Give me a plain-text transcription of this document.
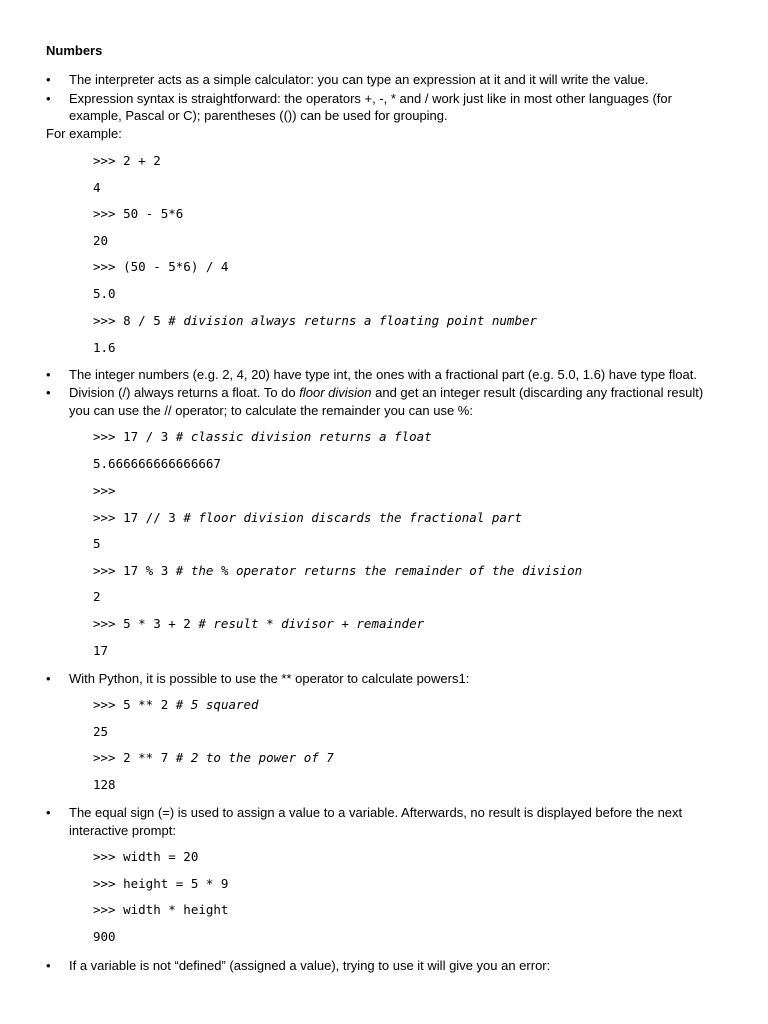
Numbers
• The interpreter acts as a simple calculator: you can type an expression at it and it will write the value.
• Expression syntax is straightforward: the operators +, -, * and / work just like in most other languages (for
example, Pascal or C); parentheses (()) can be used for grouping.
For example:
>>> 2 + 2
4
>>> 50 - 5*6
20
>>> (50 - 5*6) / 4
5.0
>>> 8 / 5 # division always returns a floating point number
1.6
• The integer numbers (e.g. 2, 4, 20) have type int, the ones with a fractional part (e.g. 5.0, 1.6) have type float.
• Division (/) always returns a float. To do floor division and get an integer result (discarding any fractional result)
you can use the // operator; to calculate the remainder you can use %:
>>> 17 / 3 # classic division returns a float
5.666666666666667
>>>
>>> 17 // 3 # floor division discards the fractional part
5
>>> 17 % 3 # the % operator returns the remainder of the division
2
>>> 5 * 3 + 2 # result * divisor + remainder
17
• With Python, it is possible to use the ** operator to calculate powers1:
>>> 5 ** 2 # 5 squared
25
>>> 2 ** 7 # 2 to the power of 7
128
• The equal sign (=) is used to assign a value to a variable. Afterwards, no result is displayed before the next
interactive prompt:
>>> width = 20
>>> height = 5 * 9
>>> width * height
900
• If a variable is not “defined” (assigned a value), trying to use it will give you an error:
